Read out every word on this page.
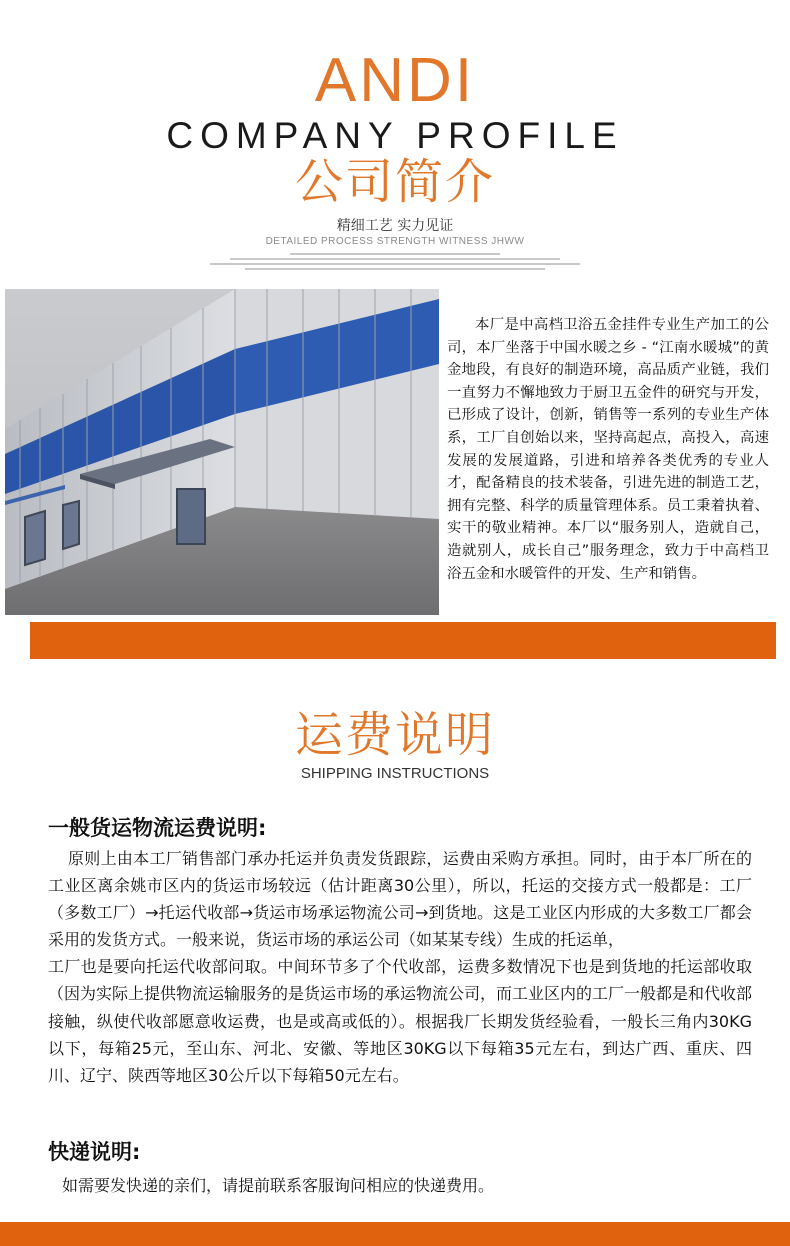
ANDI
COMPANY PROFILE
公司简介
精细工艺 实力见证
DETAILED PROCESS STRENGTH WITNESS JHWW
本厂是中高档卫浴五金挂件专业生产加工的公司，本厂坐落于中国水暖之乡 - “江南水暖城”的黄金地段，有良好的制造环境，高品质产业链，我们一直努力不懈地致力于厨卫五金件的研究与开发，已形成了设计，创新，销售等一系列的专业生产体系，工厂自创始以来，坚持高起点，高投入，高速发展的发展道路，引进和培养各类优秀的专业人才，配备精良的技术装备，引进先进的制造工艺，拥有完整、科学的质量管理体系。员工秉着执着、实干的敬业精神。本厂以“服务别人，造就自己，造就别人，成长自己”服务理念，致力于中高档卫浴五金和水暖管件的开发、生产和销售。
运费说明
SHIPPING INSTRUCTIONS
一般货运物流运费说明:

原则上由本工厂销售部门承办托运并负责发货跟踪，运费由采购方承担。同时，由于本厂所在的工业区离余姚市区内的货运市场较远（估计距离30公里），所以，托运的交接方式一般都是：工厂（多数工厂）→托运代收部→货运市场承运物流公司→到货地。这是工业区内形成的大多数工厂都会采用的发货方式。一般来说，货运市场的承运公司（如某某专线）生成的托运单，

工厂也是要向托运代收部问取。中间环节多了个代收部，运费多数情况下也是到货地的托运部收取（因为实际上提供物流运输服务的是货运市场的承运物流公司，而工业区内的工厂一般都是和代收部接触，纵使代收部愿意收运费，也是或高或低的）。根据我厂长期发货经验看，一般长三角内30KG以下，每箱25元，至山东、河北、安徽、等地区30KG以下每箱35元左右，到达广西、重庆、四川、辽宁、陕西等地区30公斤以下每箱50元左右。

快递说明:
如需要发快递的亲们，请提前联系客服询问相应的快递费用。
